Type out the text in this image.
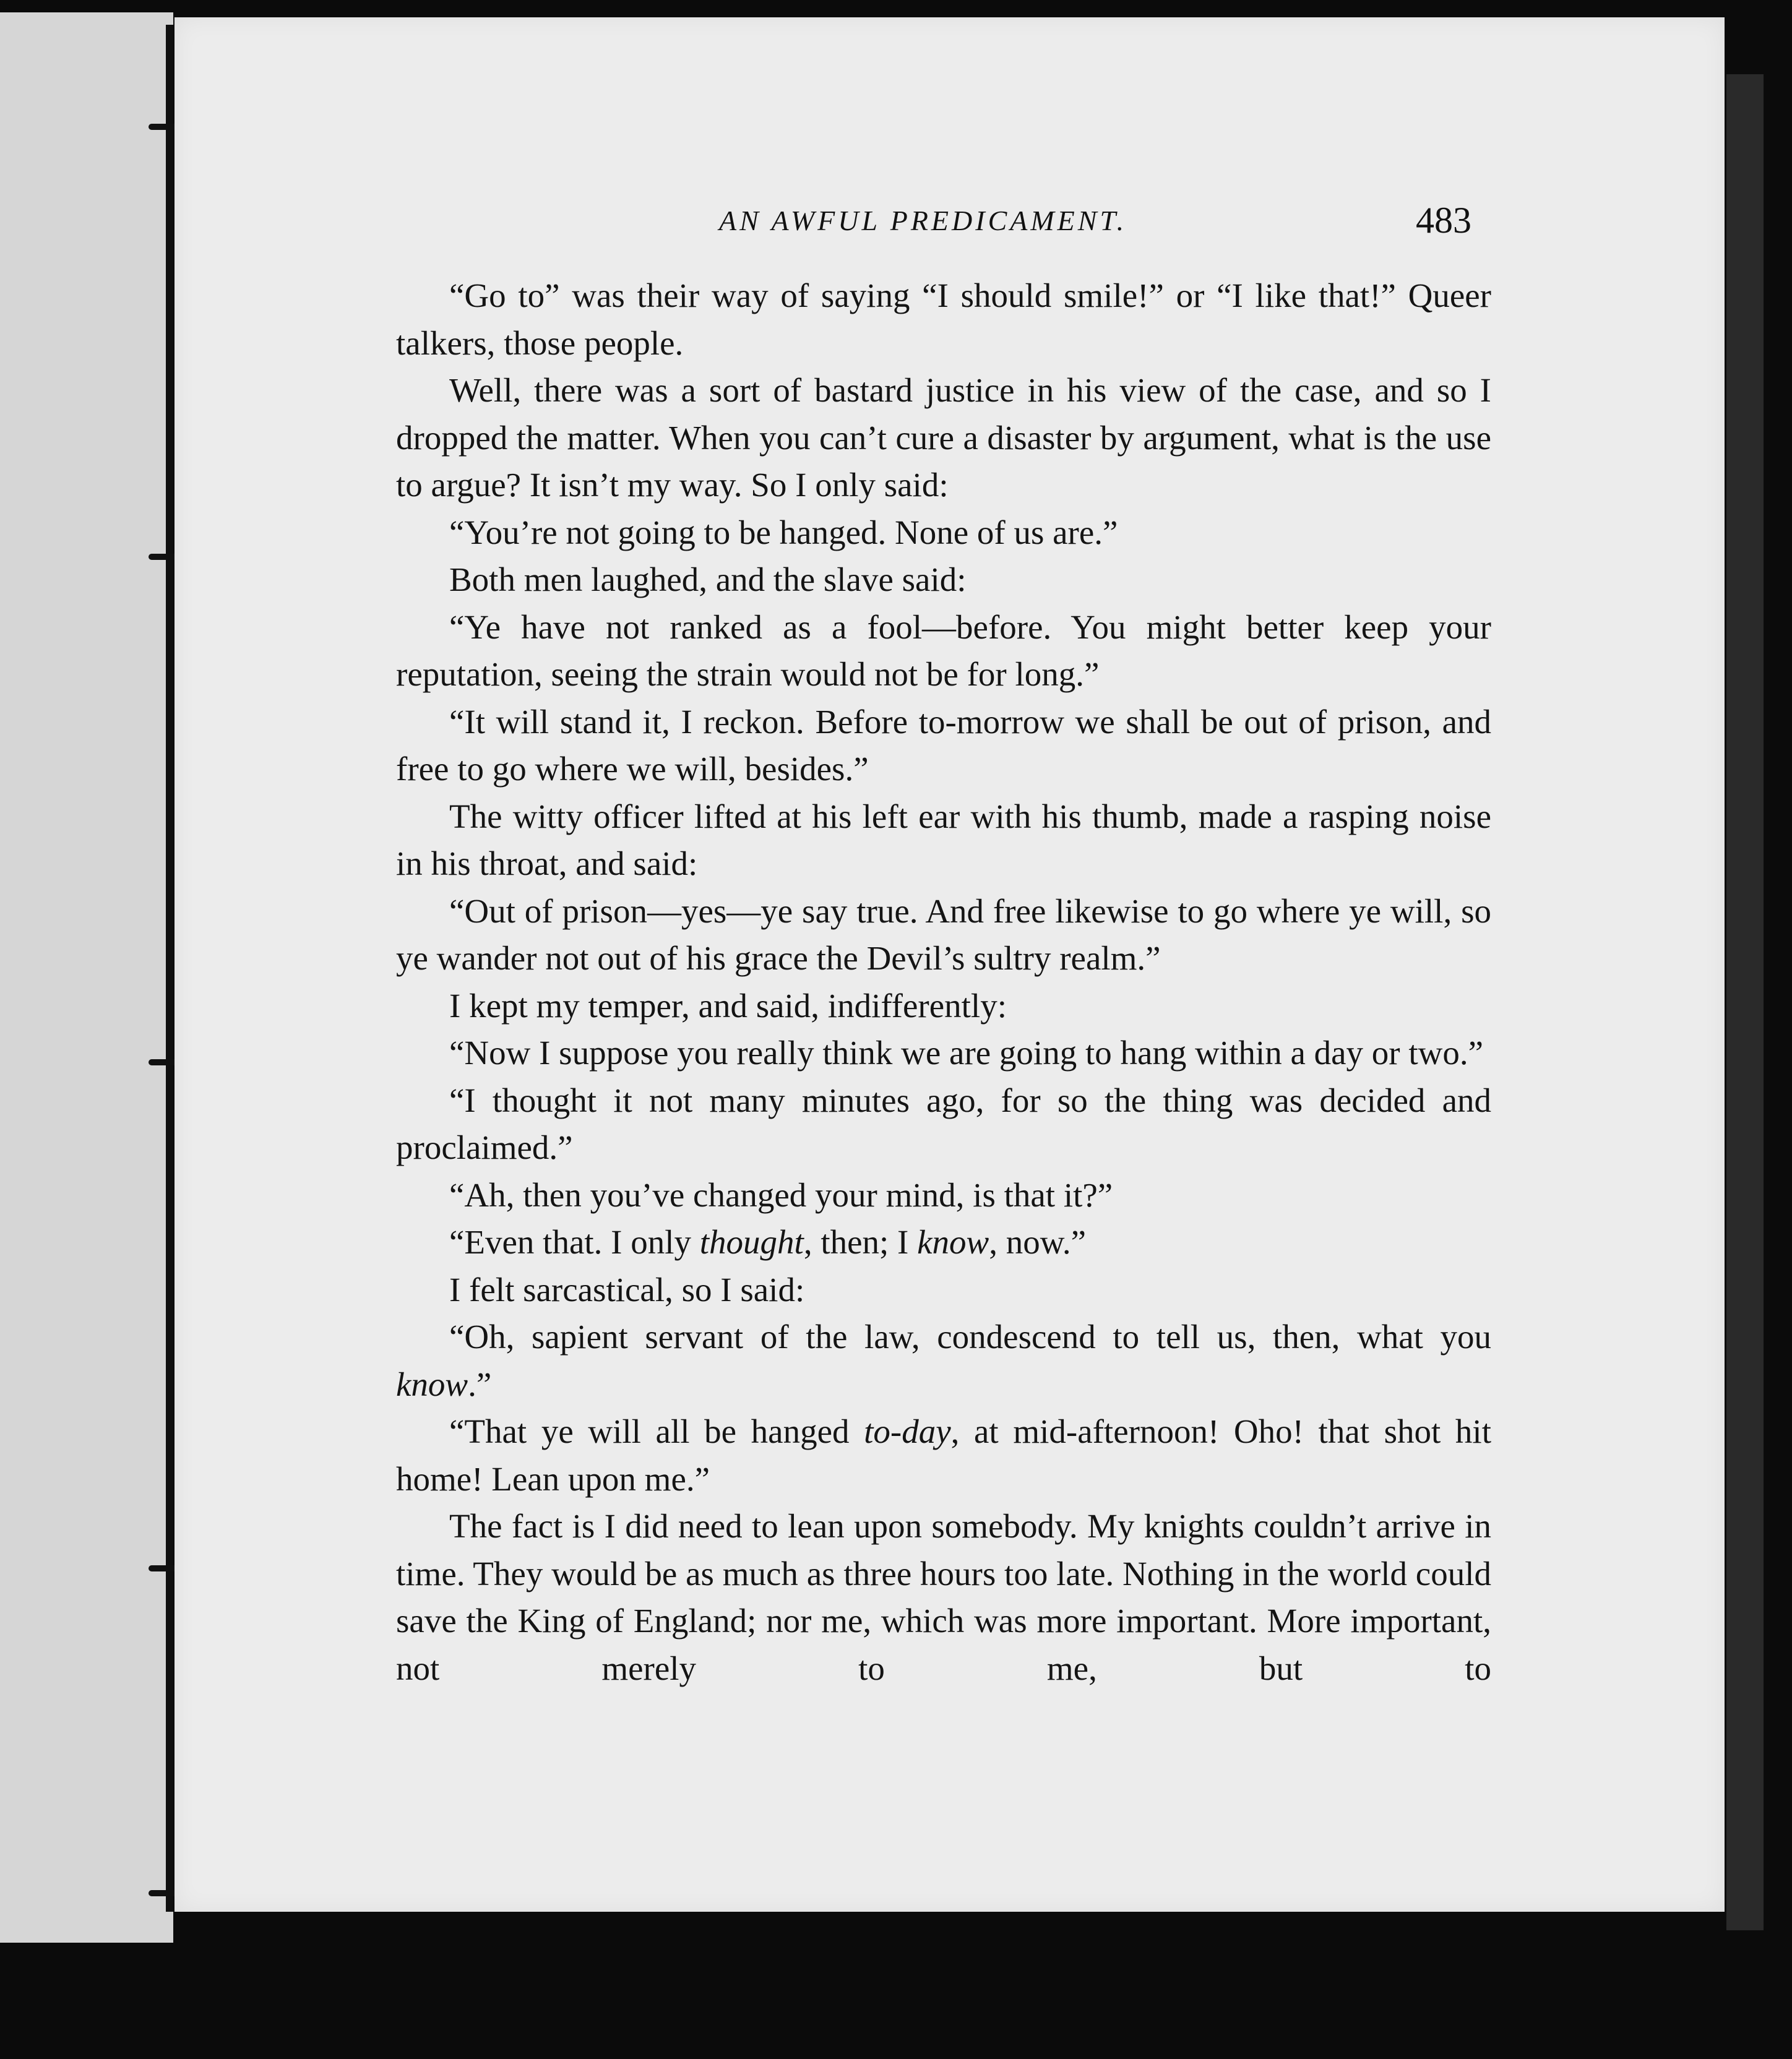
AN AWFUL PREDICAMENT.	483

“Go to” was their way of saying “I should smile!” or “I like that!” Queer talkers, those people.

Well, there was a sort of bastard justice in his view of the case, and so I dropped the matter. When you can’t cure a disaster by argument, what is the use to argue? It isn’t my way. So I only said:

“You’re not going to be hanged. None of us are.”

Both men laughed, and the slave said:

“Ye have not ranked as a fool—before. You might better keep your reputation, seeing the strain would not be for long.”

“It will stand it, I reckon. Before to-morrow we shall be out of prison, and free to go where we will, besides.”

The witty officer lifted at his left ear with his thumb, made a rasping noise in his throat, and said:

“Out of prison—yes—ye say true. And free likewise to go where ye will, so ye wander not out of his grace the Devil’s sultry realm.”

I kept my temper, and said, indifferently:

“Now I suppose you really think we are going to hang within a day or two.”

“I thought it not many minutes ago, for so the thing was decided and proclaimed.”

“Ah, then you’ve changed your mind, is that it?”

“Even that. I only thought, then; I know, now.”

I felt sarcastical, so I said:

“Oh, sapient servant of the law, condescend to tell us, then, what you know.”

“That ye will all be hanged to-day, at mid-afternoon! Oho! that shot hit home! Lean upon me.”

The fact is I did need to lean upon somebody. My knights couldn’t arrive in time. They would be as much as three hours too late. Nothing in the world could save the King of England; nor me, which was more important. More important, not merely to me, but to
